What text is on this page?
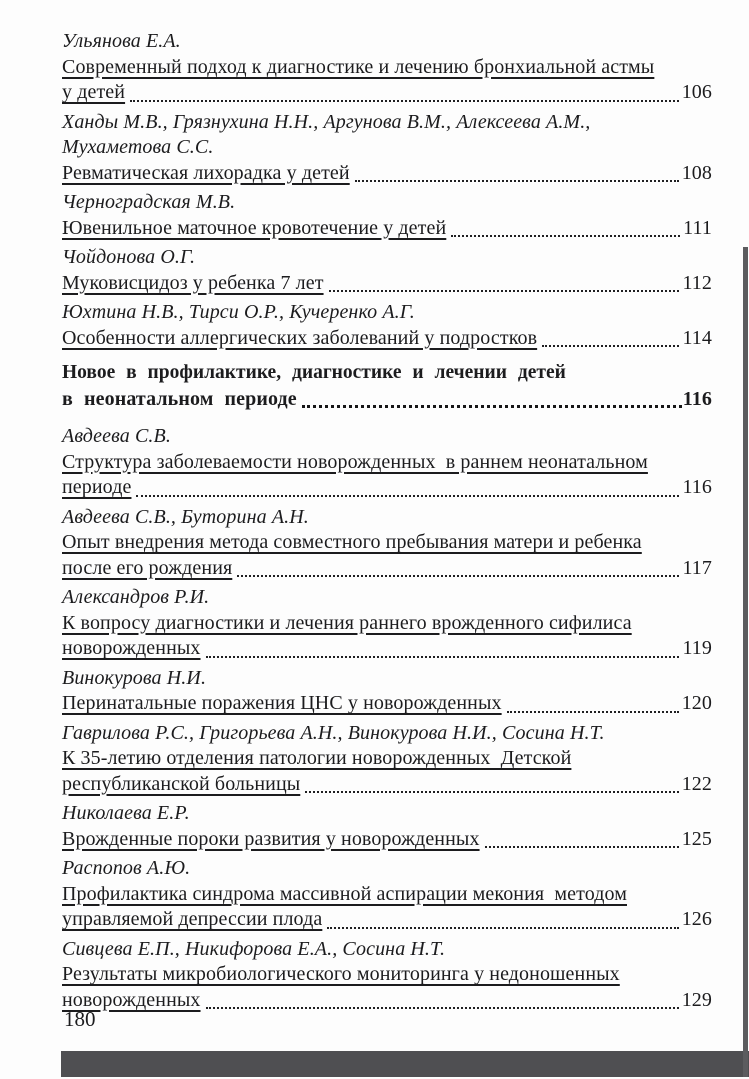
Ульянова Е.А.
Современный подход к диагностике и лечению бронхиальной астмы
у детей	106
Ханды М.В., Грязнухина Н.Н., Аргунова В.М., Алексеева А.М.,
Мухаметова С.С.
Ревматическая лихорадка у детей	108
Черноградская М.В.
Ювенильное маточное кровотечение у детей	111
Чойдонова О.Г.
Муковисцидоз у ребенка 7 лет	112
Юхтина Н.В., Тирси О.Р., Кучеренко А.Г.
Особенности аллергических заболеваний у подростков	114
Новое в профилактике, диагностике и лечении детей
в неонатальном периоде	116
Авдеева С.В.
Структура заболеваемости новорожденных  в раннем неонатальном
периоде	116
Авдеева С.В., Буторина А.Н.
Опыт внедрения метода совместного пребывания матери и ребенка
после его рождения	117
Александров Р.И.
К вопросу диагностики и лечения раннего врожденного сифилиса
новорожденных	119
Винокурова Н.И.
Перинатальные поражения ЦНС у новорожденных	120
Гаврилова Р.С., Григорьева А.Н., Винокурова Н.И., Сосина Н.Т.
К 35-летию отделения патологии новорожденных  Детской
республиканской больницы	122
Николаева Е.Р.
Врожденные пороки развития у новорожденных	125
Распопов А.Ю.
Профилактика синдрома массивной аспирации мекония  методом
управляемой депрессии плода	126
Сивцева Е.П., Никифорова Е.А., Сосина Н.Т.
Результаты микробиологического мониторинга у недоношенных
новорожденных	129
180
